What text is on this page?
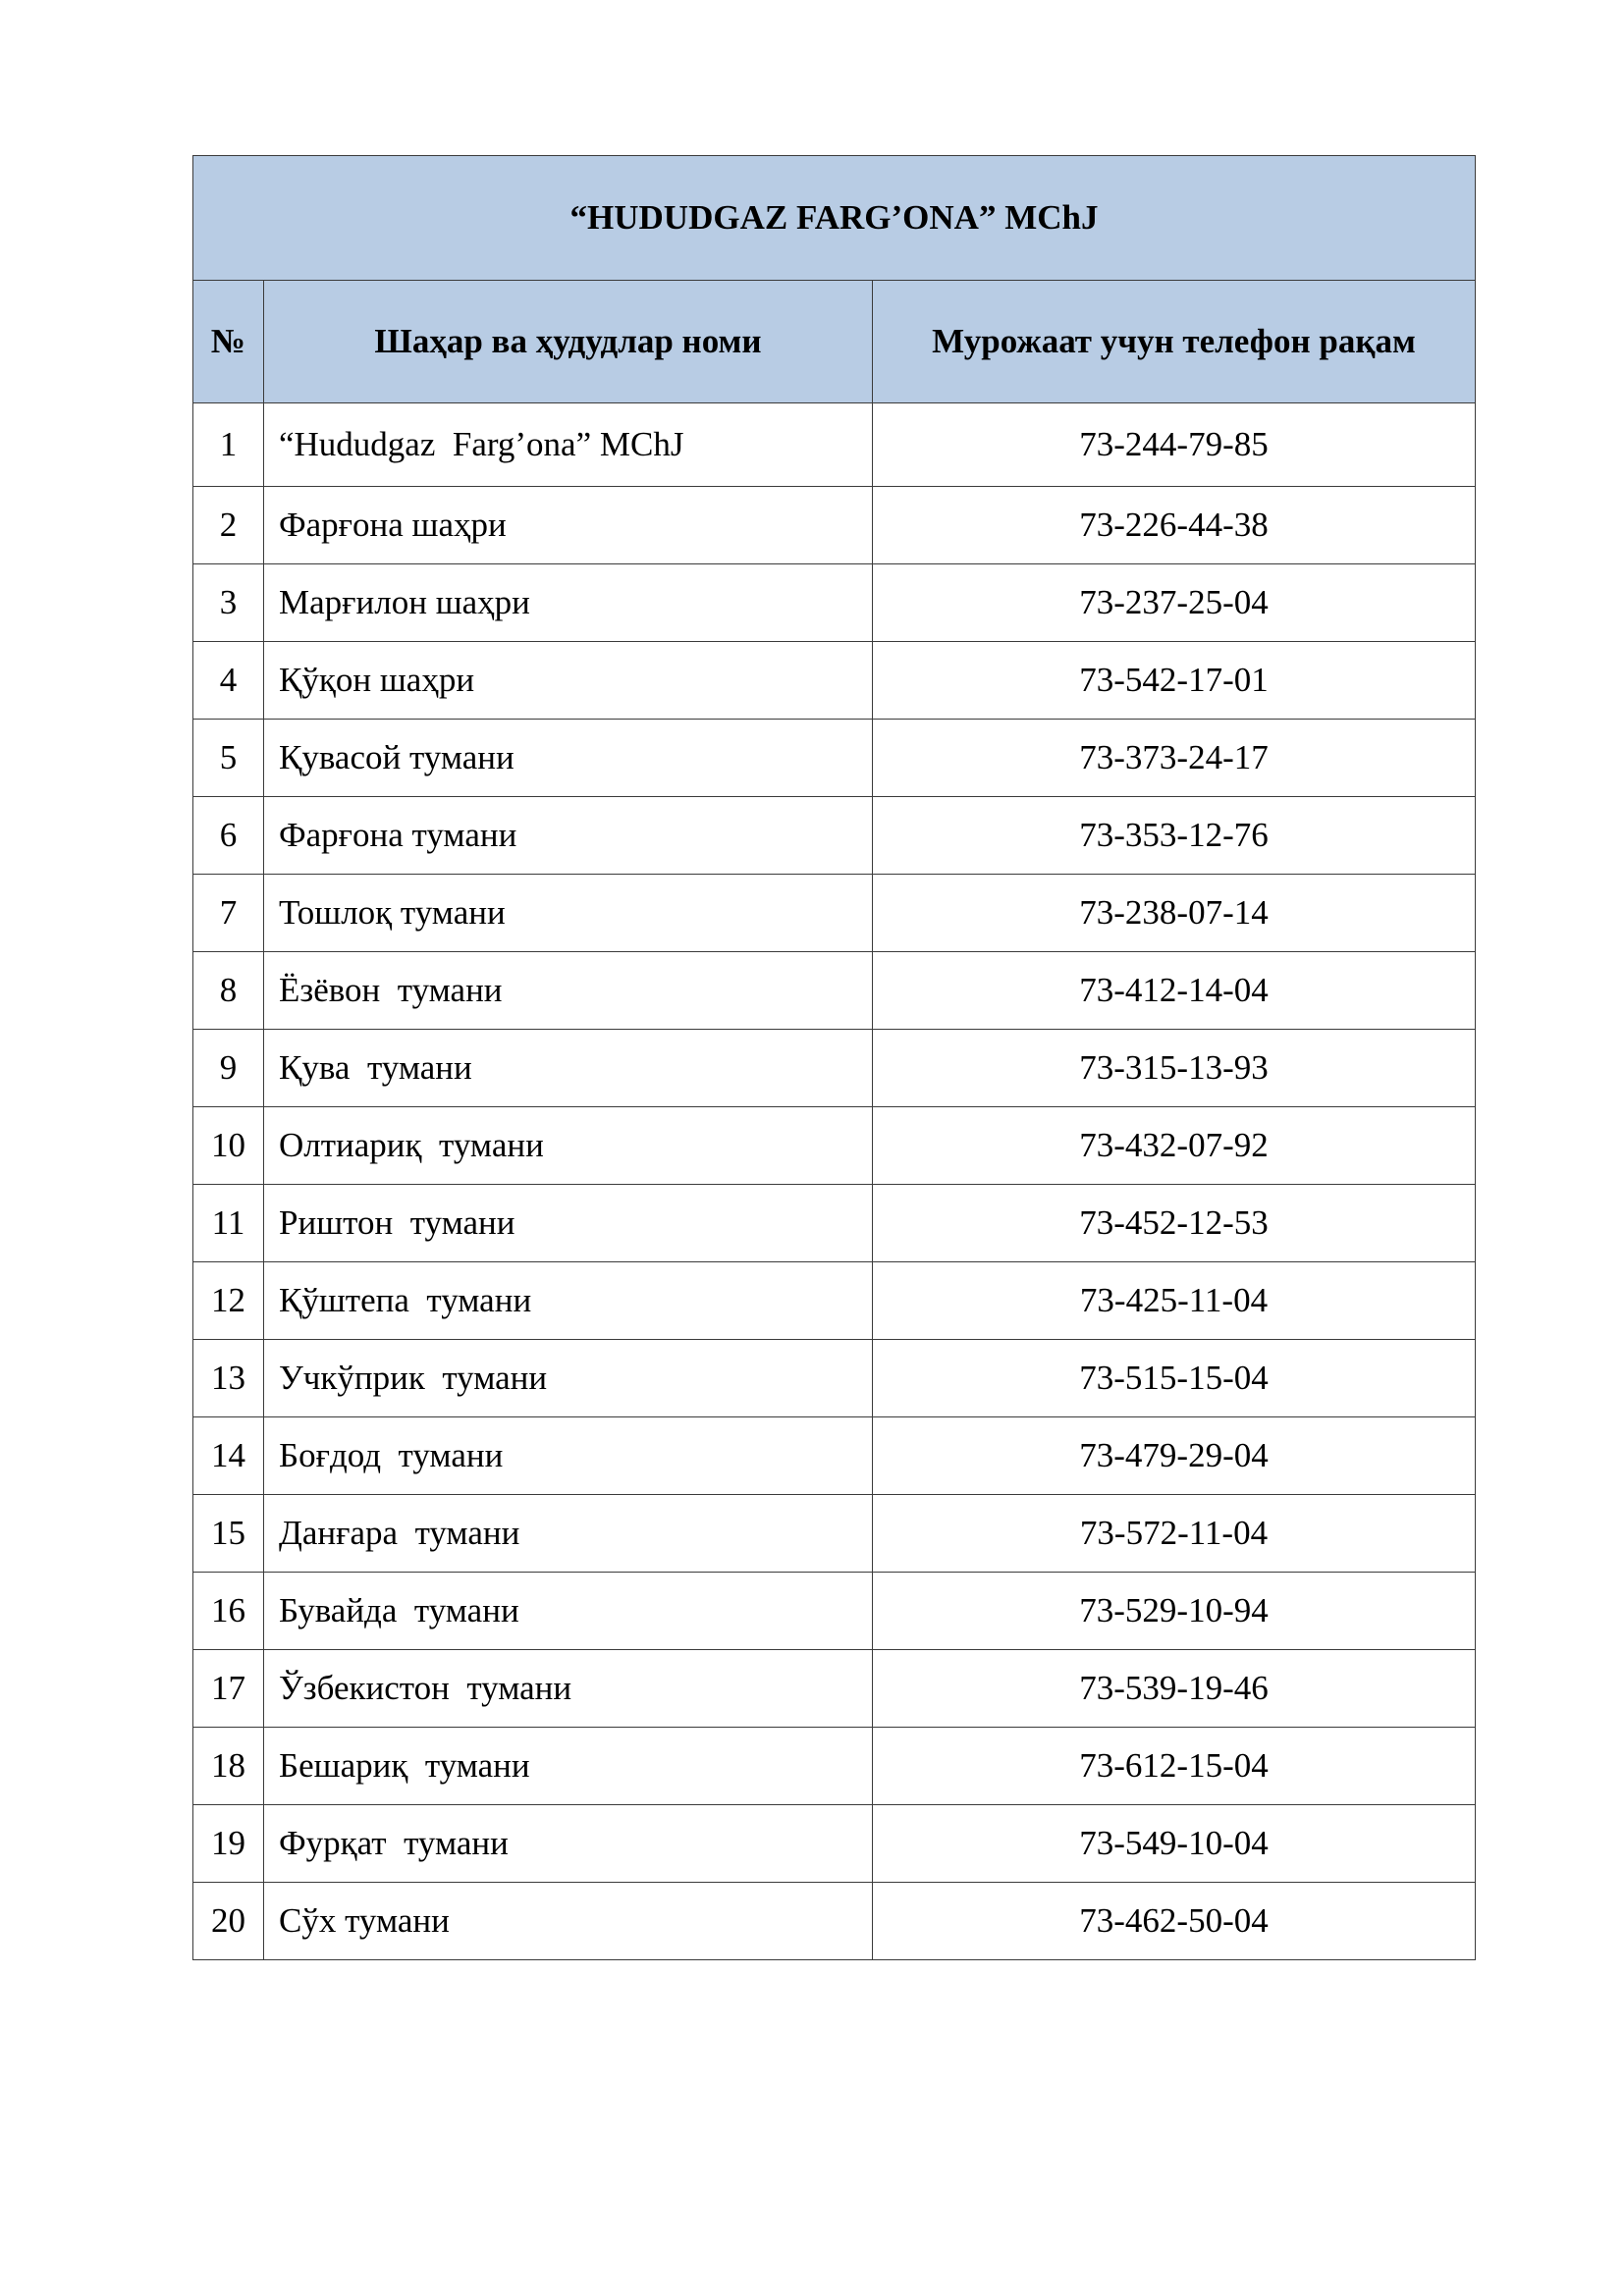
“HUDUDGAZ FARG’ONA” MChJ		
№	Шаҳар ва ҳудудлар номи	Мурожаат учун телефон рақам
1	“Hududgaz  Farg’ona” MChJ	73-244-79-85
2	Фарғона шаҳри	73-226-44-38
3	Марғилон шаҳри	73-237-25-04
4	Қўқон шаҳри	73-542-17-01
5	Қувасой тумани	73-373-24-17
6	Фарғона тумани	73-353-12-76
7	Тошлоқ тумани	73-238-07-14
8	Ёзёвон  тумани	73-412-14-04
9	Қува  тумани	73-315-13-93
10	Олтиариқ  тумани	73-432-07-92
11	Риштон  тумани	73-452-12-53
12	Қўштепа  тумани	73-425-11-04
13	Учкўприк  тумани	73-515-15-04
14	Боғдод  тумани	73-479-29-04
15	Данғара  тумани	73-572-11-04
16	Бувайда  тумани	73-529-10-94
17	Ўзбекистон  тумани	73-539-19-46
18	Бешариқ  тумани	73-612-15-04
19	Фурқат  тумани	73-549-10-04
20	Сўх тумани	73-462-50-04
